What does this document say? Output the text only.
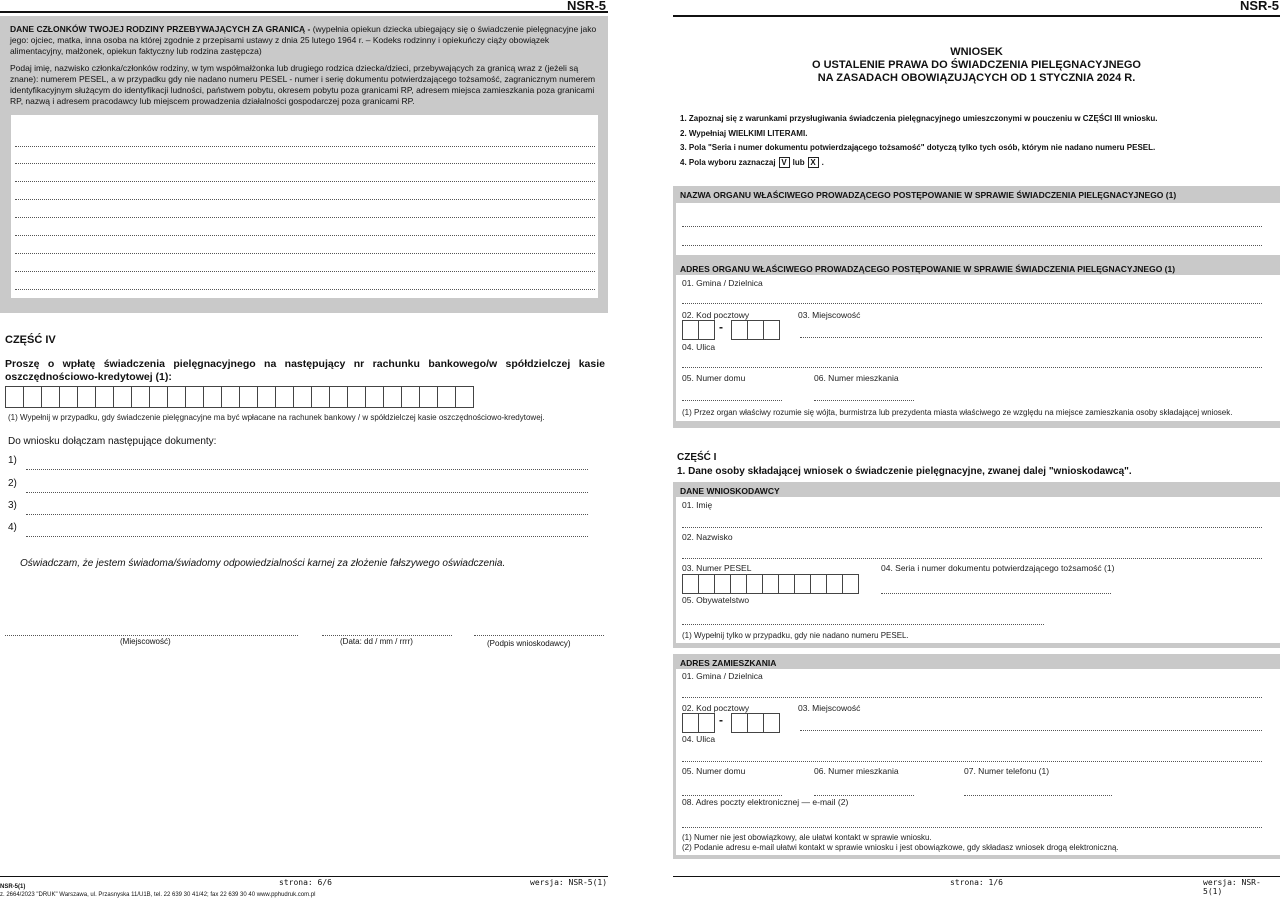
NSR-5
DANE CZŁONKÓW TWOJEJ RODZINY PRZEBYWAJĄCYCH ZA GRANICĄ - (wypełnia opiekun dziecka ubiegający się o świadczenie pielęgnacyjne jako jego: ojciec, matka, inna osoba na której zgodnie z przepisami ustawy z dnia 25 lutego 1964 r. – Kodeks rodzinny i opiekuńczy ciąży obowiązek alimentacyjny, małżonek, opiekun faktyczny lub rodzina zastępcza)
Podaj imię, nazwisko członka/członków rodziny, w tym współmałżonka lub drugiego rodzica dziecka/dzieci, przebywających za granicą wraz z (jeżeli są znane): numerem PESEL, a w przypadku gdy nie nadano numeru PESEL - numer i serię dokumentu potwierdzającego tożsamość, zagranicznym numerem identyfikacyjnym służącym do identyfikacji ludności, państwem pobytu, okresem pobytu poza granicami RP, adresem miejsca zamieszkania poza granicami RP, nazwą i adresem pracodawcy lub miejscem prowadzenia działalności gospodarczej poza granicami RP.
CZĘŚĆ IV
Proszę o wpłatę świadczenia pielęgnacyjnego na następujący nr rachunku bankowego/w spółdzielczej kasie oszczędnościowo-kredytowej (1):
(1) Wypełnij w przypadku, gdy świadczenie pielęgnacyjne ma być wpłacane na rachunek bankowy / w spółdzielczej kasie oszczędnościowo-kredytowej.
Do wniosku dołączam następujące dokumenty:
1)
2)
3)
4)
Oświadczam, że jestem świadoma/świadomy odpowiedzialności karnej za złożenie fałszywego oświadczenia.
(Miejscowość)	(Data: dd / mm / rrrr)	(Podpis wnioskodawcy)
strona: 6/6	wersja: NSR-5(1)
NSR-5(1)
z. 2664/2023 "DRUK" Warszawa, ul. Przasnyska 11/U1B, tel. 22 639 30 41/42; fax 22 639 30 40 www.pphudruk.com.pl
NSR-5
WNIOSEK
O USTALENIE PRAWA DO ŚWIADCZENIA PIELĘGNACYJNEGO
NA ZASADACH OBOWIĄZUJĄCYCH OD 1 STYCZNIA 2024 R.
1. Zapoznaj się z warunkami przysługiwania świadczenia pielęgnacyjnego umieszczonymi w pouczeniu w CZĘŚCI III wniosku.
2. Wypełniaj WIELKIMI LITERAMI.
3. Pola "Seria i numer dokumentu potwierdzającego tożsamość" dotyczą tylko tych osób, którym nie nadano numeru PESEL.
4. Pola wyboru zaznaczaj V lub X .
NAZWA ORGANU WŁAŚCIWEGO PROWADZĄCEGO POSTĘPOWANIE W SPRAWIE ŚWIADCZENIA PIELĘGNACYJNEGO (1)
ADRES ORGANU WŁAŚCIWEGO PROWADZĄCEGO POSTĘPOWANIE W SPRAWIE ŚWIADCZENIA PIELĘGNACYJNEGO (1)
01. Gmina / Dzielnica
02. Kod pocztowy
-
03. Miejscowość
04. Ulica
05. Numer domu	06. Numer mieszkania
(1) Przez organ właściwy rozumie się wójta, burmistrza lub prezydenta miasta właściwego ze względu na miejsce zamieszkania osoby składającej wniosek.
CZĘŚĆ I
1. Dane osoby składającej wniosek o świadczenie pielęgnacyjne, zwanej dalej "wnioskodawcą".
DANE WNIOSKODAWCY
01. Imię
02. Nazwisko
03. Numer PESEL	04. Seria i numer dokumentu potwierdzającego tożsamość (1)
05. Obywatelstwo
(1) Wypełnij tylko w przypadku, gdy nie nadano numeru PESEL.
ADRES ZAMIESZKANIA
01. Gmina / Dzielnica
02. Kod pocztowy
-
03. Miejscowość
04. Ulica
05. Numer domu	06. Numer mieszkania	07. Numer telefonu (1)
08. Adres poczty elektronicznej — e-mail (2)
(1) Numer nie jest obowiązkowy, ale ułatwi kontakt w sprawie wniosku.
(2) Podanie adresu e-mail ułatwi kontakt w sprawie wniosku i jest obowiązkowe, gdy składasz wniosek drogą elektroniczną.
strona: 1/6	wersja: NSR-5(1)
